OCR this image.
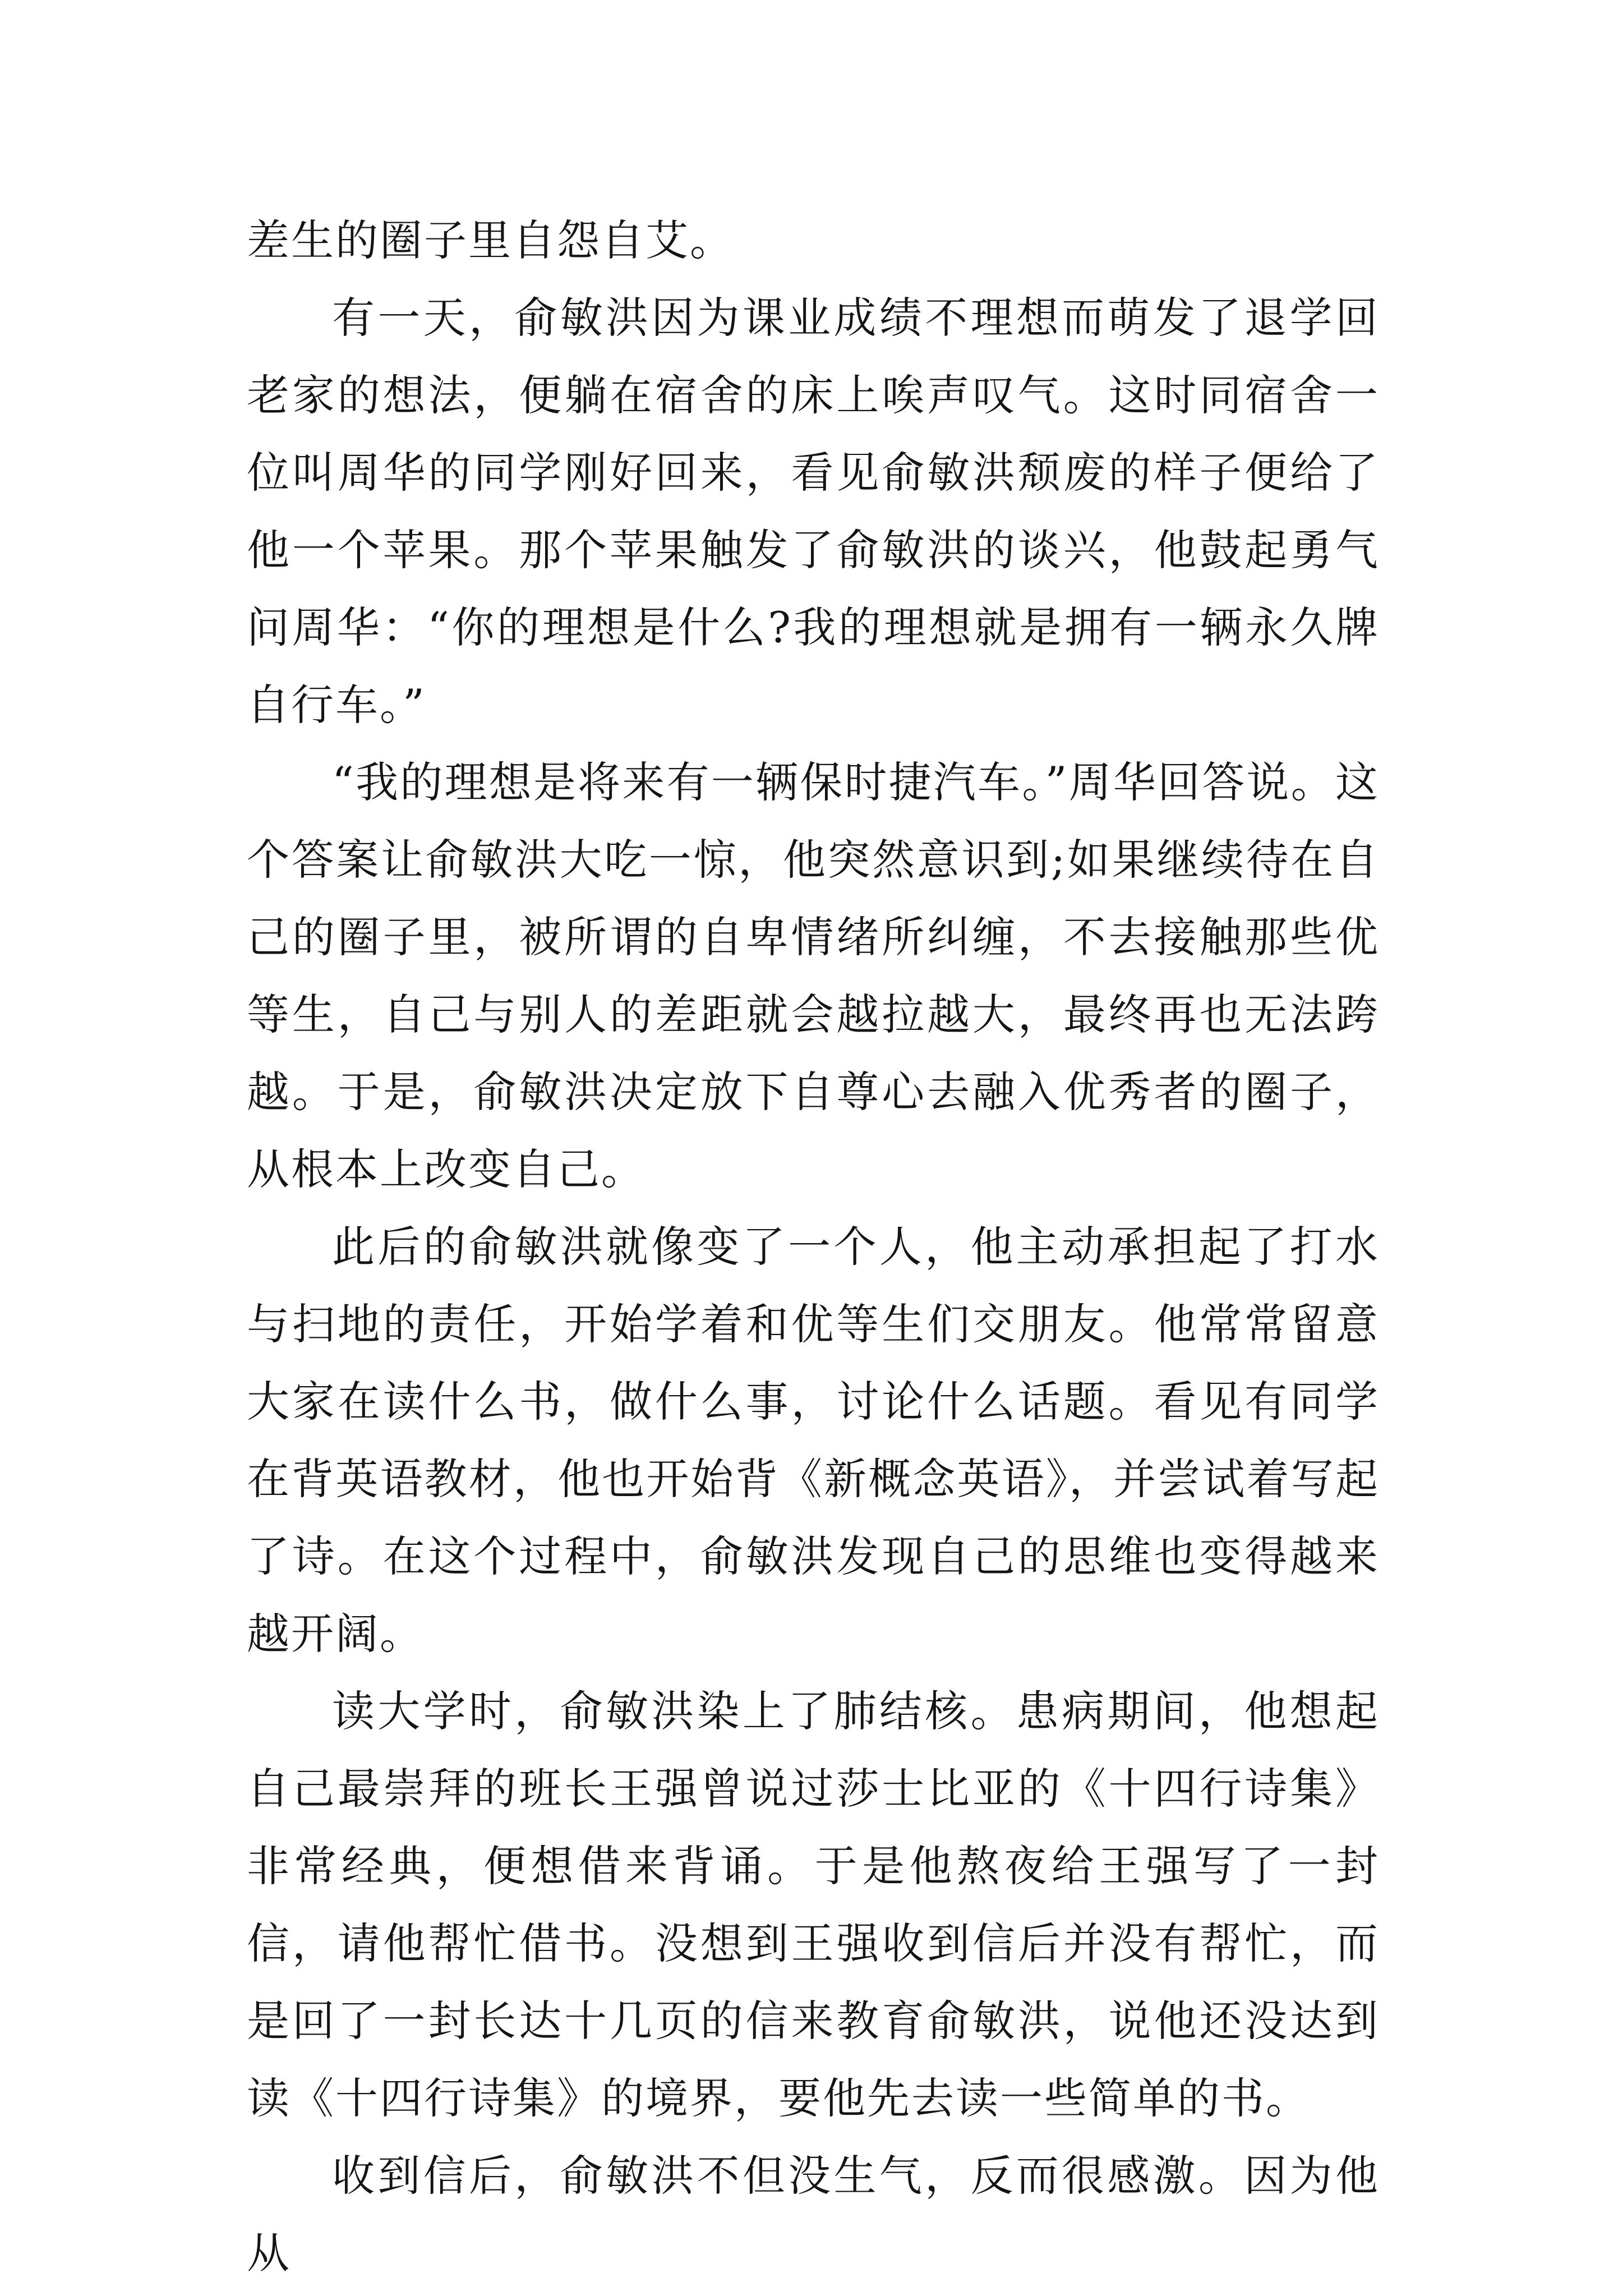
差生的圈子里自怨自艾。

有一天，俞敏洪因为课业成绩不理想而萌发了退学回老家的想法，便躺在宿舍的床上唉声叹气。这时同宿舍一位叫周华的同学刚好回来，看见俞敏洪颓废的样子便给了他一个苹果。那个苹果触发了俞敏洪的谈兴，他鼓起勇气问周华：“你的理想是什么?我的理想就是拥有一辆永久牌自行车。”

“我的理想是将来有一辆保时捷汽车。”周华回答说。这个答案让俞敏洪大吃一惊，他突然意识到;如果继续待在自己的圈子里，被所谓的自卑情绪所纠缠，不去接触那些优等生，自己与别人的差距就会越拉越大，最终再也无法跨越。于是，俞敏洪决定放下自尊心去融入优秀者的圈子，从根本上改变自己。

此后的俞敏洪就像变了一个人，他主动承担起了打水与扫地的责任，开始学着和优等生们交朋友。他常常留意大家在读什么书，做什么事，讨论什么话题。看见有同学在背英语教材，他也开始背《新概念英语》，并尝试着写起了诗。在这个过程中，俞敏洪发现自己的思维也变得越来越开阔。

读大学时，俞敏洪染上了肺结核。患病期间，他想起自己最崇拜的班长王强曾说过莎士比亚的《十四行诗集》非常经典，便想借来背诵。于是他熬夜给王强写了一封信，请他帮忙借书。没想到王强收到信后并没有帮忙，而是回了一封长达十几页的信来教育俞敏洪，说他还没达到读《十四行诗集》的境界，要他先去读一些简单的书。

收到信后，俞敏洪不但没生气，反而很感激。因为他从
